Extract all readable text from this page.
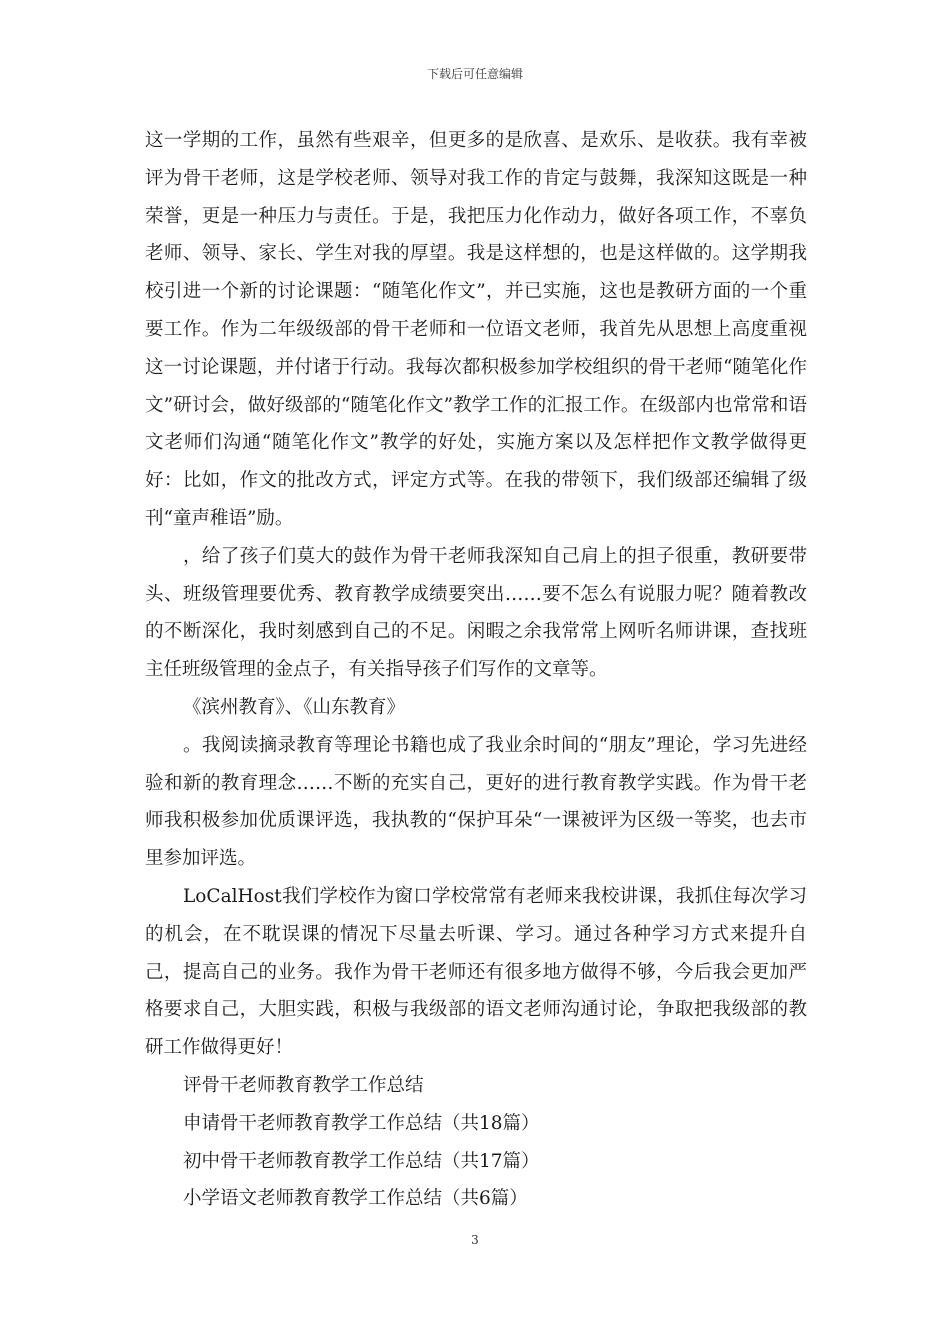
下载后可任意编辑

这一学期的工作，虽然有些艰辛，但更多的是欣喜、是欢乐、是收获。我有幸被评为骨干老师，这是学校老师、领导对我工作的肯定与鼓舞，我深知这既是一种荣誉，更是一种压力与责任。于是，我把压力化作动力，做好各项工作，不辜负老师、领导、家长、学生对我的厚望。我是这样想的，也是这样做的。这学期我校引进一个新的讨论课题：“随笔化作文”，并已实施，这也是教研方面的一个重要工作。作为二年级级部的骨干老师和一位语文老师，我首先从思想上高度重视这一讨论课题，并付诸于行动。我每次都积极参加学校组织的骨干老师“随笔化作文”研讨会，做好级部的“随笔化作文”教学工作的汇报工作。在级部内也常常和语文老师们沟通“随笔化作文”教学的好处，实施方案以及怎样把作文教学做得更好：比如，作文的批改方式，评定方式等。在我的带领下，我们级部还编辑了级刊“童声稚语”励。

，给了孩子们莫大的鼓作为骨干老师我深知自己肩上的担子很重，教研要带头、班级管理要优秀、教育教学成绩要突出……要不怎么有说服力呢？随着教改的不断深化，我时刻感到自己的不足。闲暇之余我常常上网听名师讲课，查找班主任班级管理的金点子，有关指导孩子们写作的文章等。

《滨州教育》、《山东教育》

。我阅读摘录教育等理论书籍也成了我业余时间的“朋友”理论，学习先进经验和新的教育理念……不断的充实自己，更好的进行教育教学实践。作为骨干老师我积极参加优质课评选，我执教的“保护耳朵“一课被评为区级一等奖，也去市里参加评选。

LoCalHost我们学校作为窗口学校常常有老师来我校讲课，我抓住每次学习的机会，在不耽误课的情况下尽量去听课、学习。通过各种学习方式来提升自己，提高自己的业务。我作为骨干老师还有很多地方做得不够，今后我会更加严格要求自己，大胆实践，积极与我级部的语文老师沟通讨论，争取把我级部的教研工作做得更好！

评骨干老师教育教学工作总结

申请骨干老师教育教学工作总结（共18篇）

初中骨干老师教育教学工作总结（共17篇）

小学语文老师教育教学工作总结（共6篇）

3
